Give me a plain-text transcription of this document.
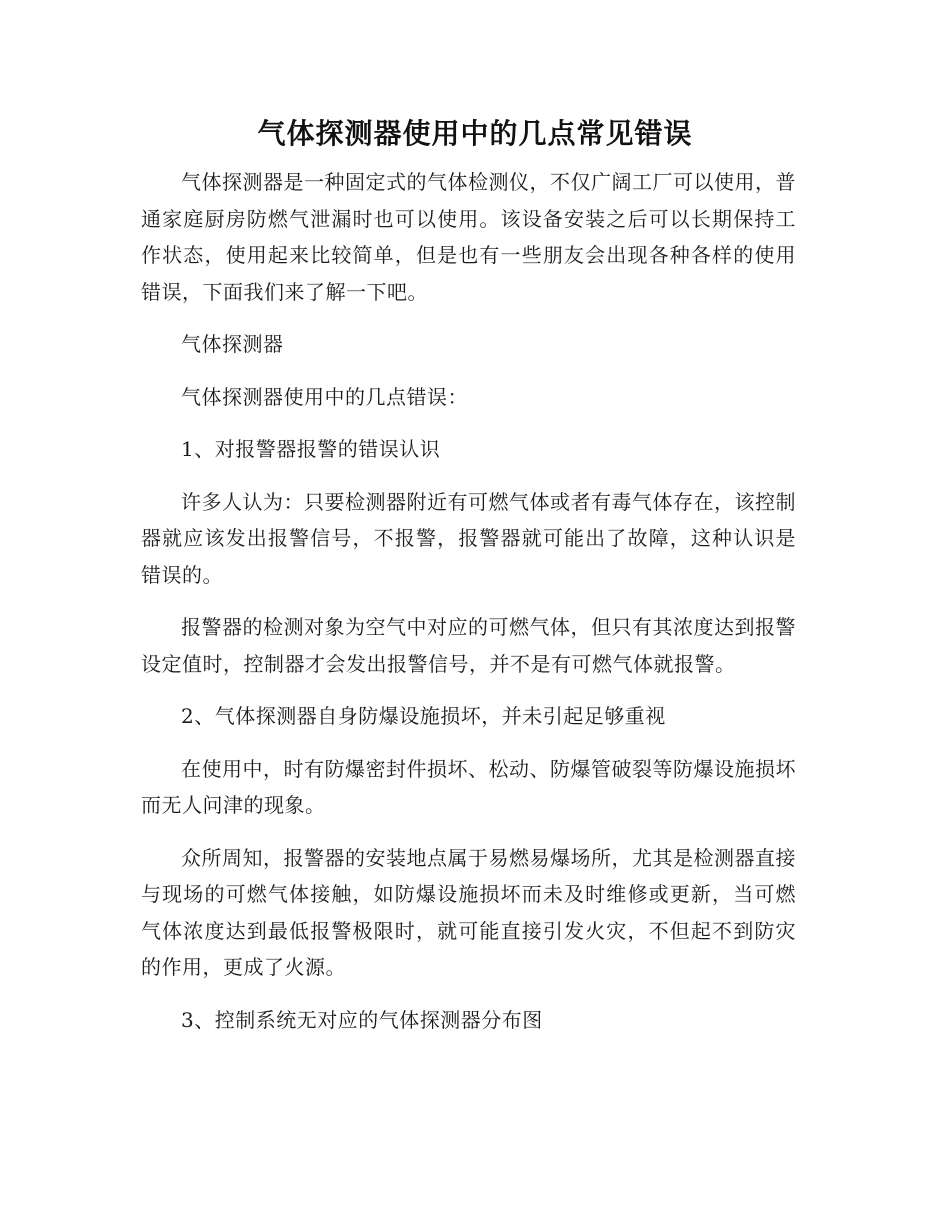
气体探测器使用中的几点常见错误

气体探测器是一种固定式的气体检测仪，不仅广阔工厂可以使用，普通家庭厨房防燃气泄漏时也可以使用。该设备安装之后可以长期保持工作状态，使用起来比较简单，但是也有一些朋友会出现各种各样的使用错误，下面我们来了解一下吧。

气体探测器

气体探测器使用中的几点错误：

1、对报警器报警的错误认识

许多人认为：只要检测器附近有可燃气体或者有毒气体存在，该控制器就应该发出报警信号，不报警，报警器就可能出了故障，这种认识是错误的。

报警器的检测对象为空气中对应的可燃气体，但只有其浓度达到报警设定值时，控制器才会发出报警信号，并不是有可燃气体就报警。

2、气体探测器自身防爆设施损坏，并未引起足够重视

在使用中，时有防爆密封件损坏、松动、防爆管破裂等防爆设施损坏而无人问津的现象。

众所周知，报警器的安装地点属于易燃易爆场所，尤其是检测器直接与现场的可燃气体接触，如防爆设施损坏而未及时维修或更新，当可燃气体浓度达到最低报警极限时，就可能直接引发火灾，不但起不到防灾的作用，更成了火源。

3、控制系统无对应的气体探测器分布图
